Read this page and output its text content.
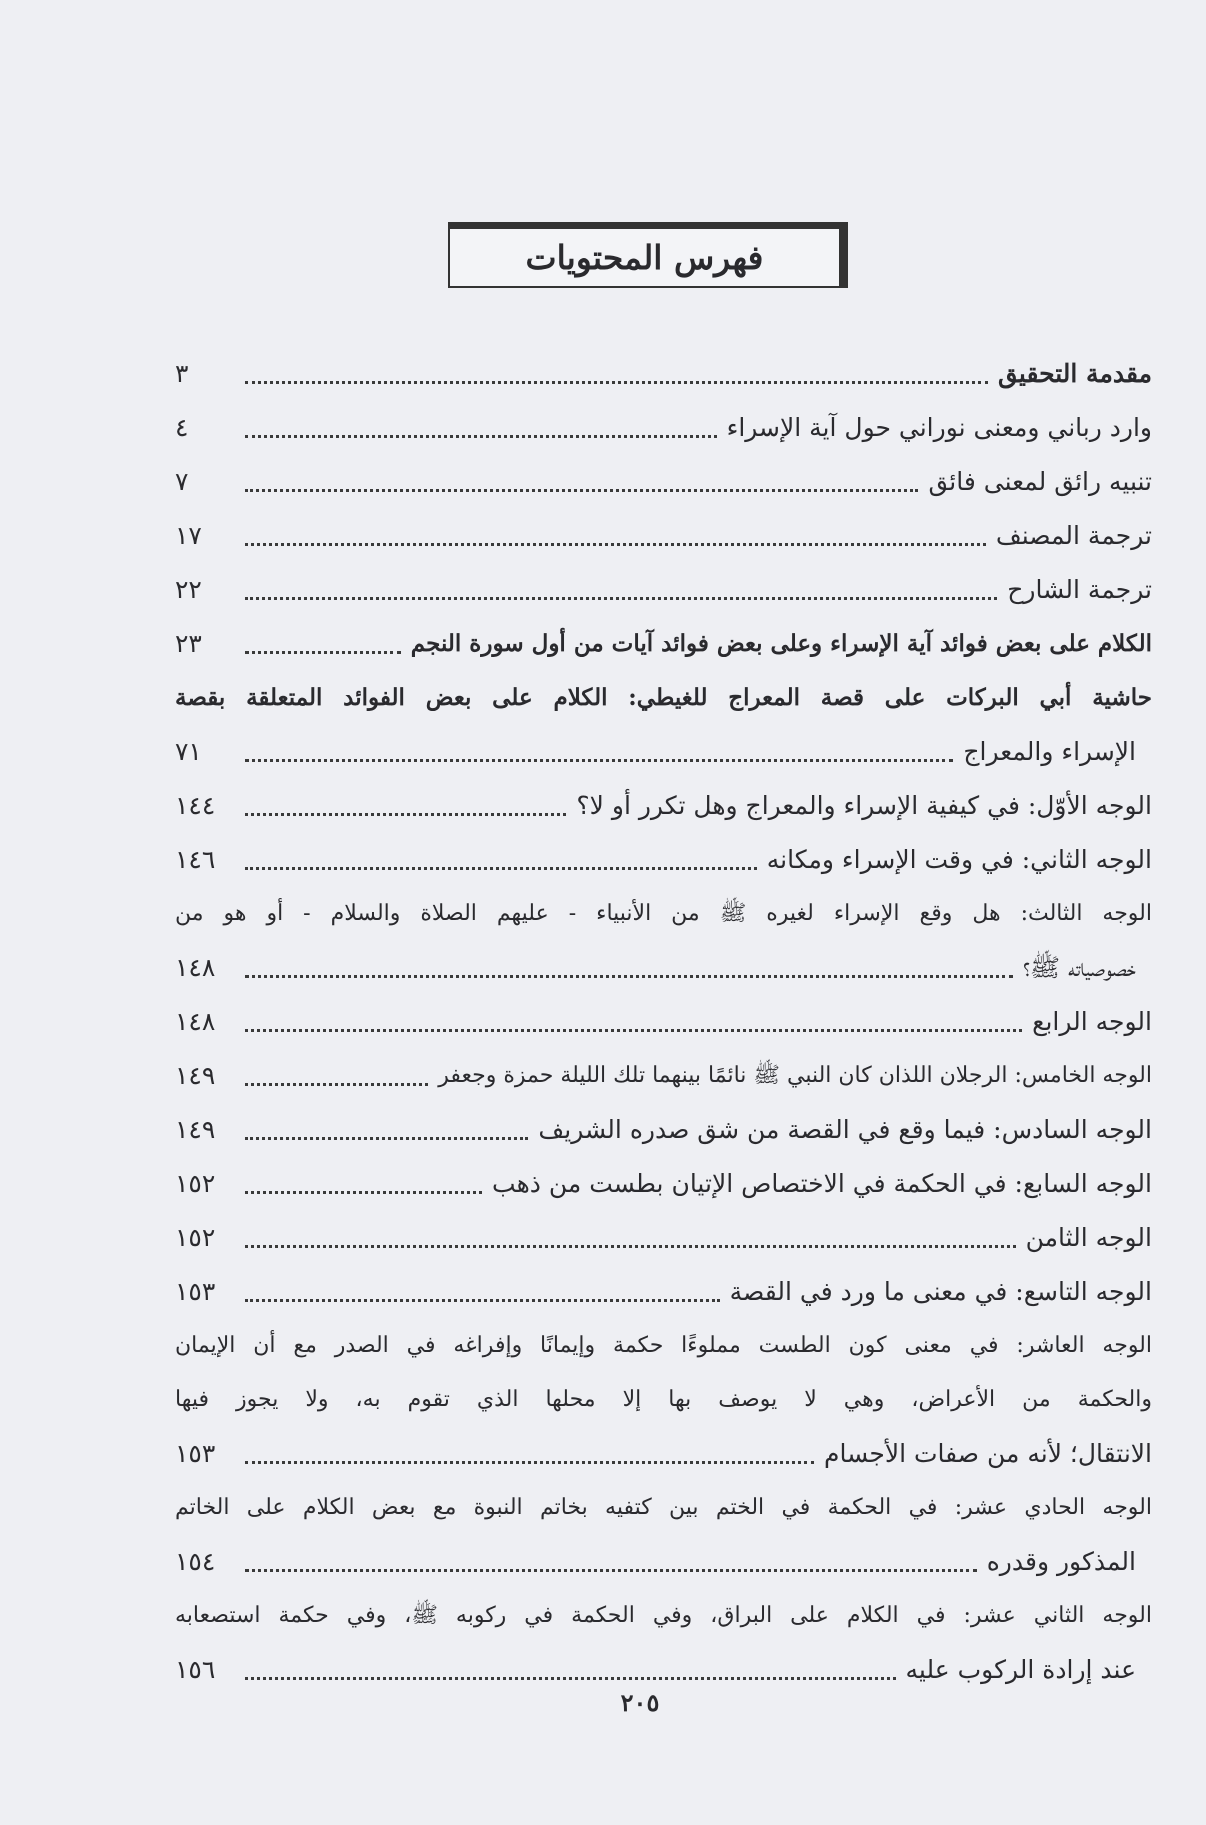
فهرس المحتويات
مقدمة التحقيق
٣
وارد رباني ومعنى نوراني حول آية الإسراء
٤
تنبيه رائق لمعنى فائق
٧
ترجمة المصنف
١٧
ترجمة الشارح
٢٢
الكلام على بعض فوائد آية الإسراء وعلى بعض فوائد آيات من أول سورة النجم
٢٣
حاشية أبي البركات على قصة المعراج للغيطي: الكلام على بعض الفوائد المتعلقة بقصة
الإسراء والمعراج
٧١
الوجه الأوّل: في كيفية الإسراء والمعراج وهل تكرر أو لا؟
١٤٤
الوجه الثاني: في وقت الإسراء ومكانه
١٤٦
الوجه الثالث: هل وقع الإسراء لغيره ﷺ من الأنبياء - عليهم الصلاة والسلام - أو هو من
خصوصياته ﷺ؟
١٤٨
الوجه الرابع
١٤٨
الوجه الخامس: الرجلان اللذان كان النبي ﷺ نائمًا بينهما تلك الليلة حمزة وجعفر
١٤٩
الوجه السادس: فيما وقع في القصة من شق صدره الشريف
١٤٩
الوجه السابع: في الحكمة في الاختصاص الإتيان بطست من ذهب
١٥٢
الوجه الثامن
١٥٢
الوجه التاسع: في معنى ما ورد في القصة
١٥٣
الوجه العاشر: في معنى كون الطست مملوءًا حكمة وإيمانًا وإفراغه في الصدر مع أن الإيمان
والحكمة من الأعراض، وهي لا يوصف بها إلا محلها الذي تقوم به، ولا يجوز فيها
الانتقال؛ لأنه من صفات الأجسام
١٥٣
الوجه الحادي عشر: في الحكمة في الختم بين كتفيه بخاتم النبوة مع بعض الكلام على الخاتم
المذكور وقدره
١٥٤
الوجه الثاني عشر: في الكلام على البراق، وفي الحكمة في ركوبه ﷺ، وفي حكمة استصعابه
عند إرادة الركوب عليه
١٥٦
٢٠٥
